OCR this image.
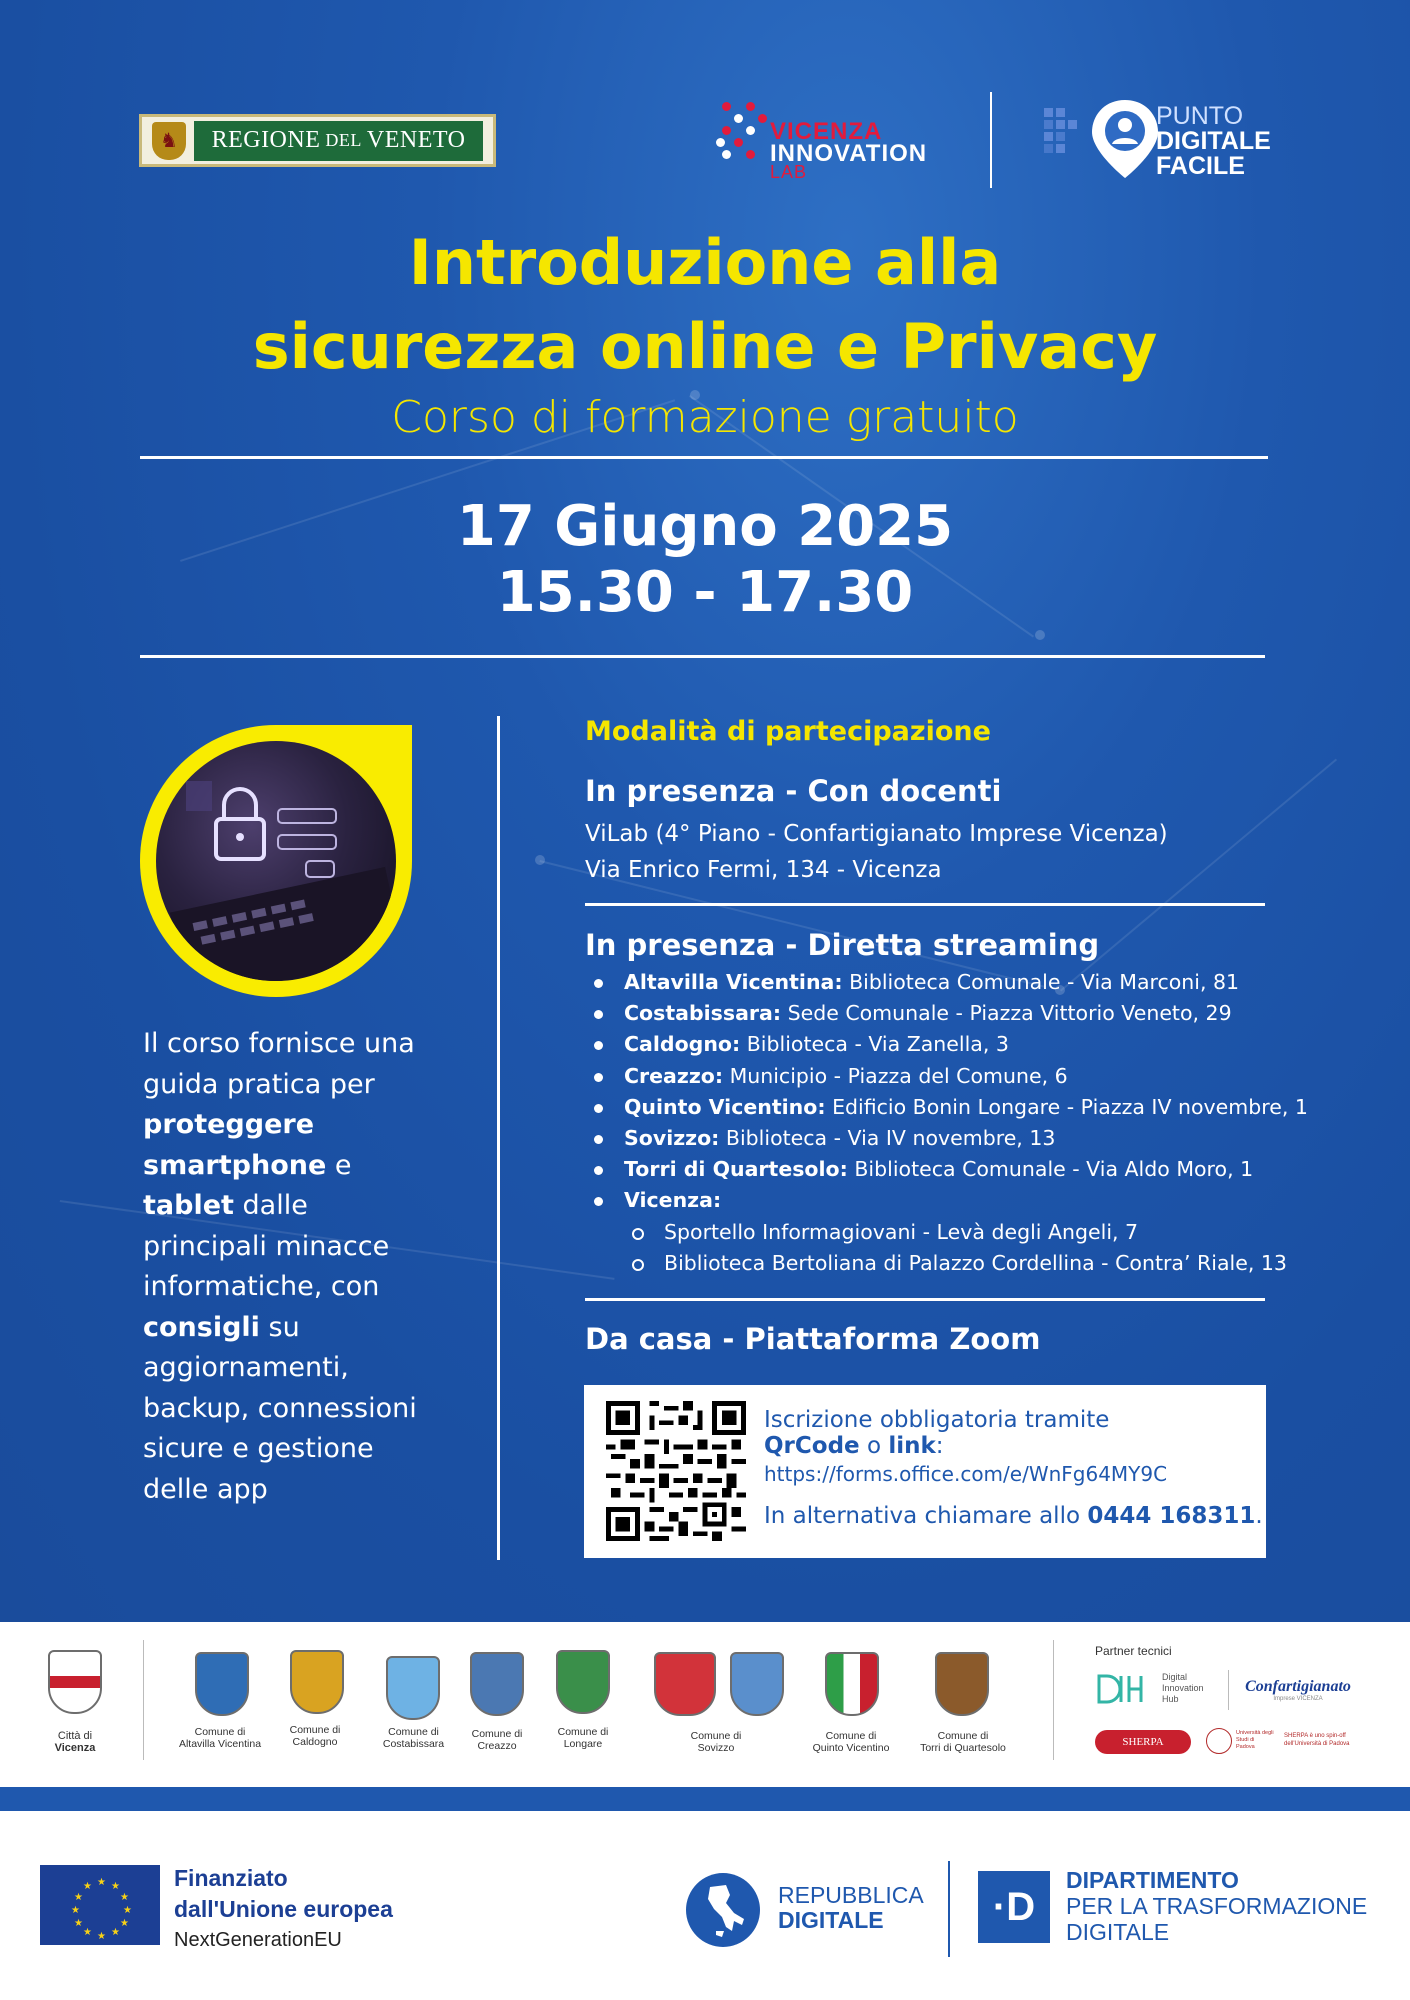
♞	REGIONE DEL VENETO	VICENZA
INNOVATION
LAB
PUNTO
DIGITALE
FACILE
Introduzione alla
sicurezza online e Privacy
Corso di formazione gratuito
17 Giugno 2025
15.30 - 17.30
Il corso fornisce una guida pratica per proteggere smartphone e tablet dalle principali minacce informatiche, con consigli su aggiornamenti, backup, connessioni sicure e gestione delle app
Modalità di partecipazione
In presenza - Con docenti
ViLab (4° Piano - Confartigianato Imprese Vicenza)
Via Enrico Fermi, 134 - Vicenza
In presenza - Diretta streaming
Altavilla Vicentina: Biblioteca Comunale - Via Marconi, 81
Costabissara: Sede Comunale - Piazza Vittorio Veneto, 29
Caldogno: Biblioteca - Via Zanella, 3
Creazzo: Municipio - Piazza del Comune, 6
Quinto Vicentino: Edificio Bonin Longare - Piazza IV novembre, 1
Sovizzo: Biblioteca - Via IV novembre, 13
Torri di Quartesolo: Biblioteca Comunale - Via Aldo Moro, 1
Vicenza:
Sportello Informagiovani - Levà degli Angeli, 7
Biblioteca Bertoliana di Palazzo Cordellina - Contra’ Riale, 13
Da casa - Piattaforma Zoom
Iscrizione obbligatoria tramite
QrCode o link:
https://forms.office.com/e/WnFg64MY9C
In alternativa chiamare allo 0444 168311.
Città di
Vicenza
Comune di
Altavilla Vicentina
Comune di
Caldogno
Comune di
Costabissara
Comune di
Creazzo
Comune di
Longare
Comune di
Sovizzo
Comune di
Quinto Vicentino
Comune di
Torri di Quartesolo
Partner tecnici
Digital
Innovation
Hub
Confartigianato
Imprese VICENZA
SHERPA
Università degli Studi di Padova
SHERPA è uno spin-off dell'Università di Padova
★ ★
★
★
★
★
★
★
★
★
★
★	Finanziato
dall'Unione europea
NextGenerationEU
REPUBBLICA
DIGITALE	·D
DIPARTIMENTO
PER LA TRASFORMAZIONE
DIGITALE
